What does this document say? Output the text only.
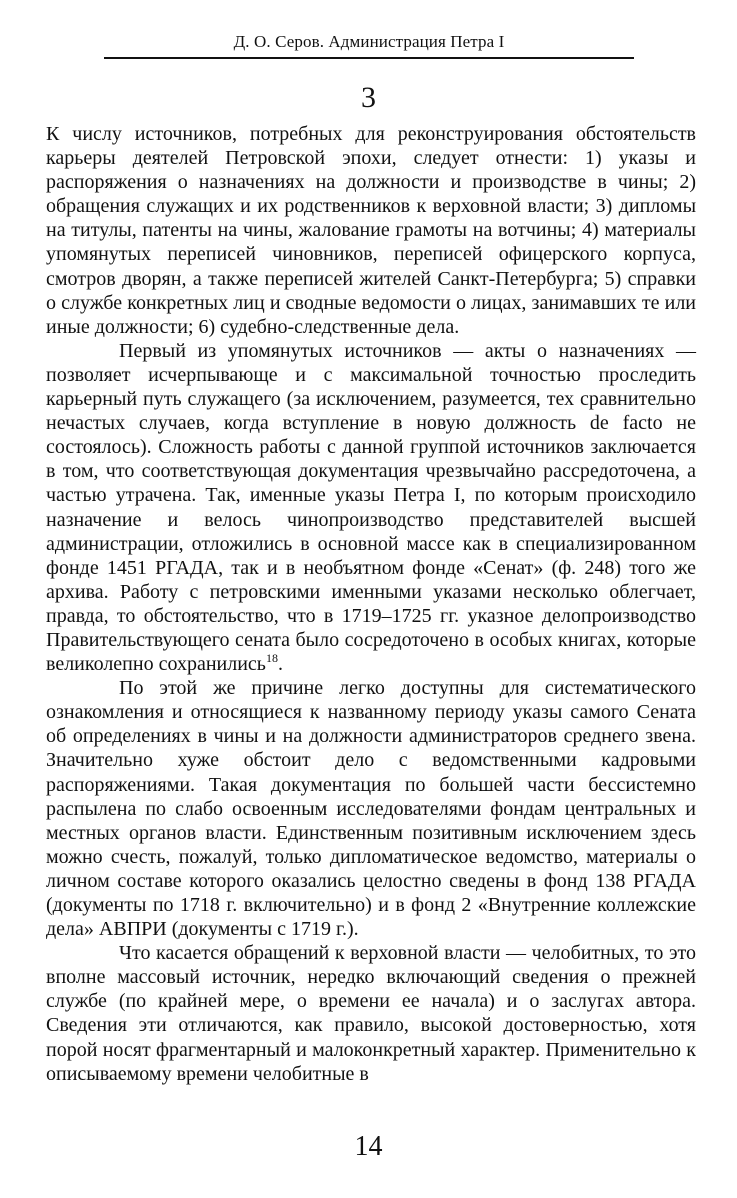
Д. О. Серов. Администрация Петра I
3

К числу источников, потребных для реконструирования обстоятельств карьеры деятелей Петровской эпохи, следует отнести: 1) указы и распоряжения о назначениях на должности и производстве в чины; 2) обращения служащих и их родственников к верховной власти; 3) дипломы на титулы, патенты на чины, жалование грамоты на вотчины; 4) материалы упомянутых переписей чиновников, переписей офицерского корпуса, смотров дворян, а также переписей жителей Санкт-Петербурга; 5) справки о службе конкретных лиц и сводные ведомости о лицах, занимавших те или иные должности; 6) судебно-следственные дела.

Первый из упомянутых источников — акты о назначениях — позволяет исчерпывающе и с максимальной точностью проследить карьерный путь служащего (за исключением, разумеется, тех сравнительно нечастых случаев, когда вступление в новую должность de facto не состоялось). Сложность работы с данной группой источников заключается в том, что соответствующая документация чрезвычайно рассредоточена, а частью утрачена. Так, именные указы Петра I, по которым происходило назначение и велось чинопроизводство представителей высшей администрации, отложились в основной массе как в специализированном фонде 1451 РГАДА, так и в необъятном фонде «Сенат» (ф. 248) того же архива. Работу с петровскими именными указами несколько облегчает, правда, то обстоятельство, что в 1719–1725 гг. указное делопроизводство Правительствующего сената было сосредоточено в особых книгах, которые великолепно сохранились$^{18}$.

По этой же причине легко доступны для систематического ознакомления и относящиеся к названному периоду указы самого Сената об определениях в чины и на должности администраторов среднего звена. Значительно хуже обстоит дело с ведомственными кадровыми распоряжениями. Такая документация по большей части бессистемно распылена по слабо освоенным исследователями фондам центральных и местных органов власти. Единственным позитивным исключением здесь можно счесть, пожалуй, только дипломатическое ведомство, материалы о личном составе которого оказались целостно сведены в фонд 138 РГАДА (документы по 1718 г. включительно) и в фонд 2 «Внутренние коллежские дела» АВПРИ (документы с 1719 г.).

Что касается обращений к верховной власти — челобитных, то это вполне массовый источник, нередко включающий сведения о прежней службе (по крайней мере, о времени ее начала) и о заслугах автора. Сведения эти отличаются, как правило, высокой достоверностью, хотя порой носят фрагментарный и малоконкретный характер. Применительно к описываемому времени челобитные в

14
